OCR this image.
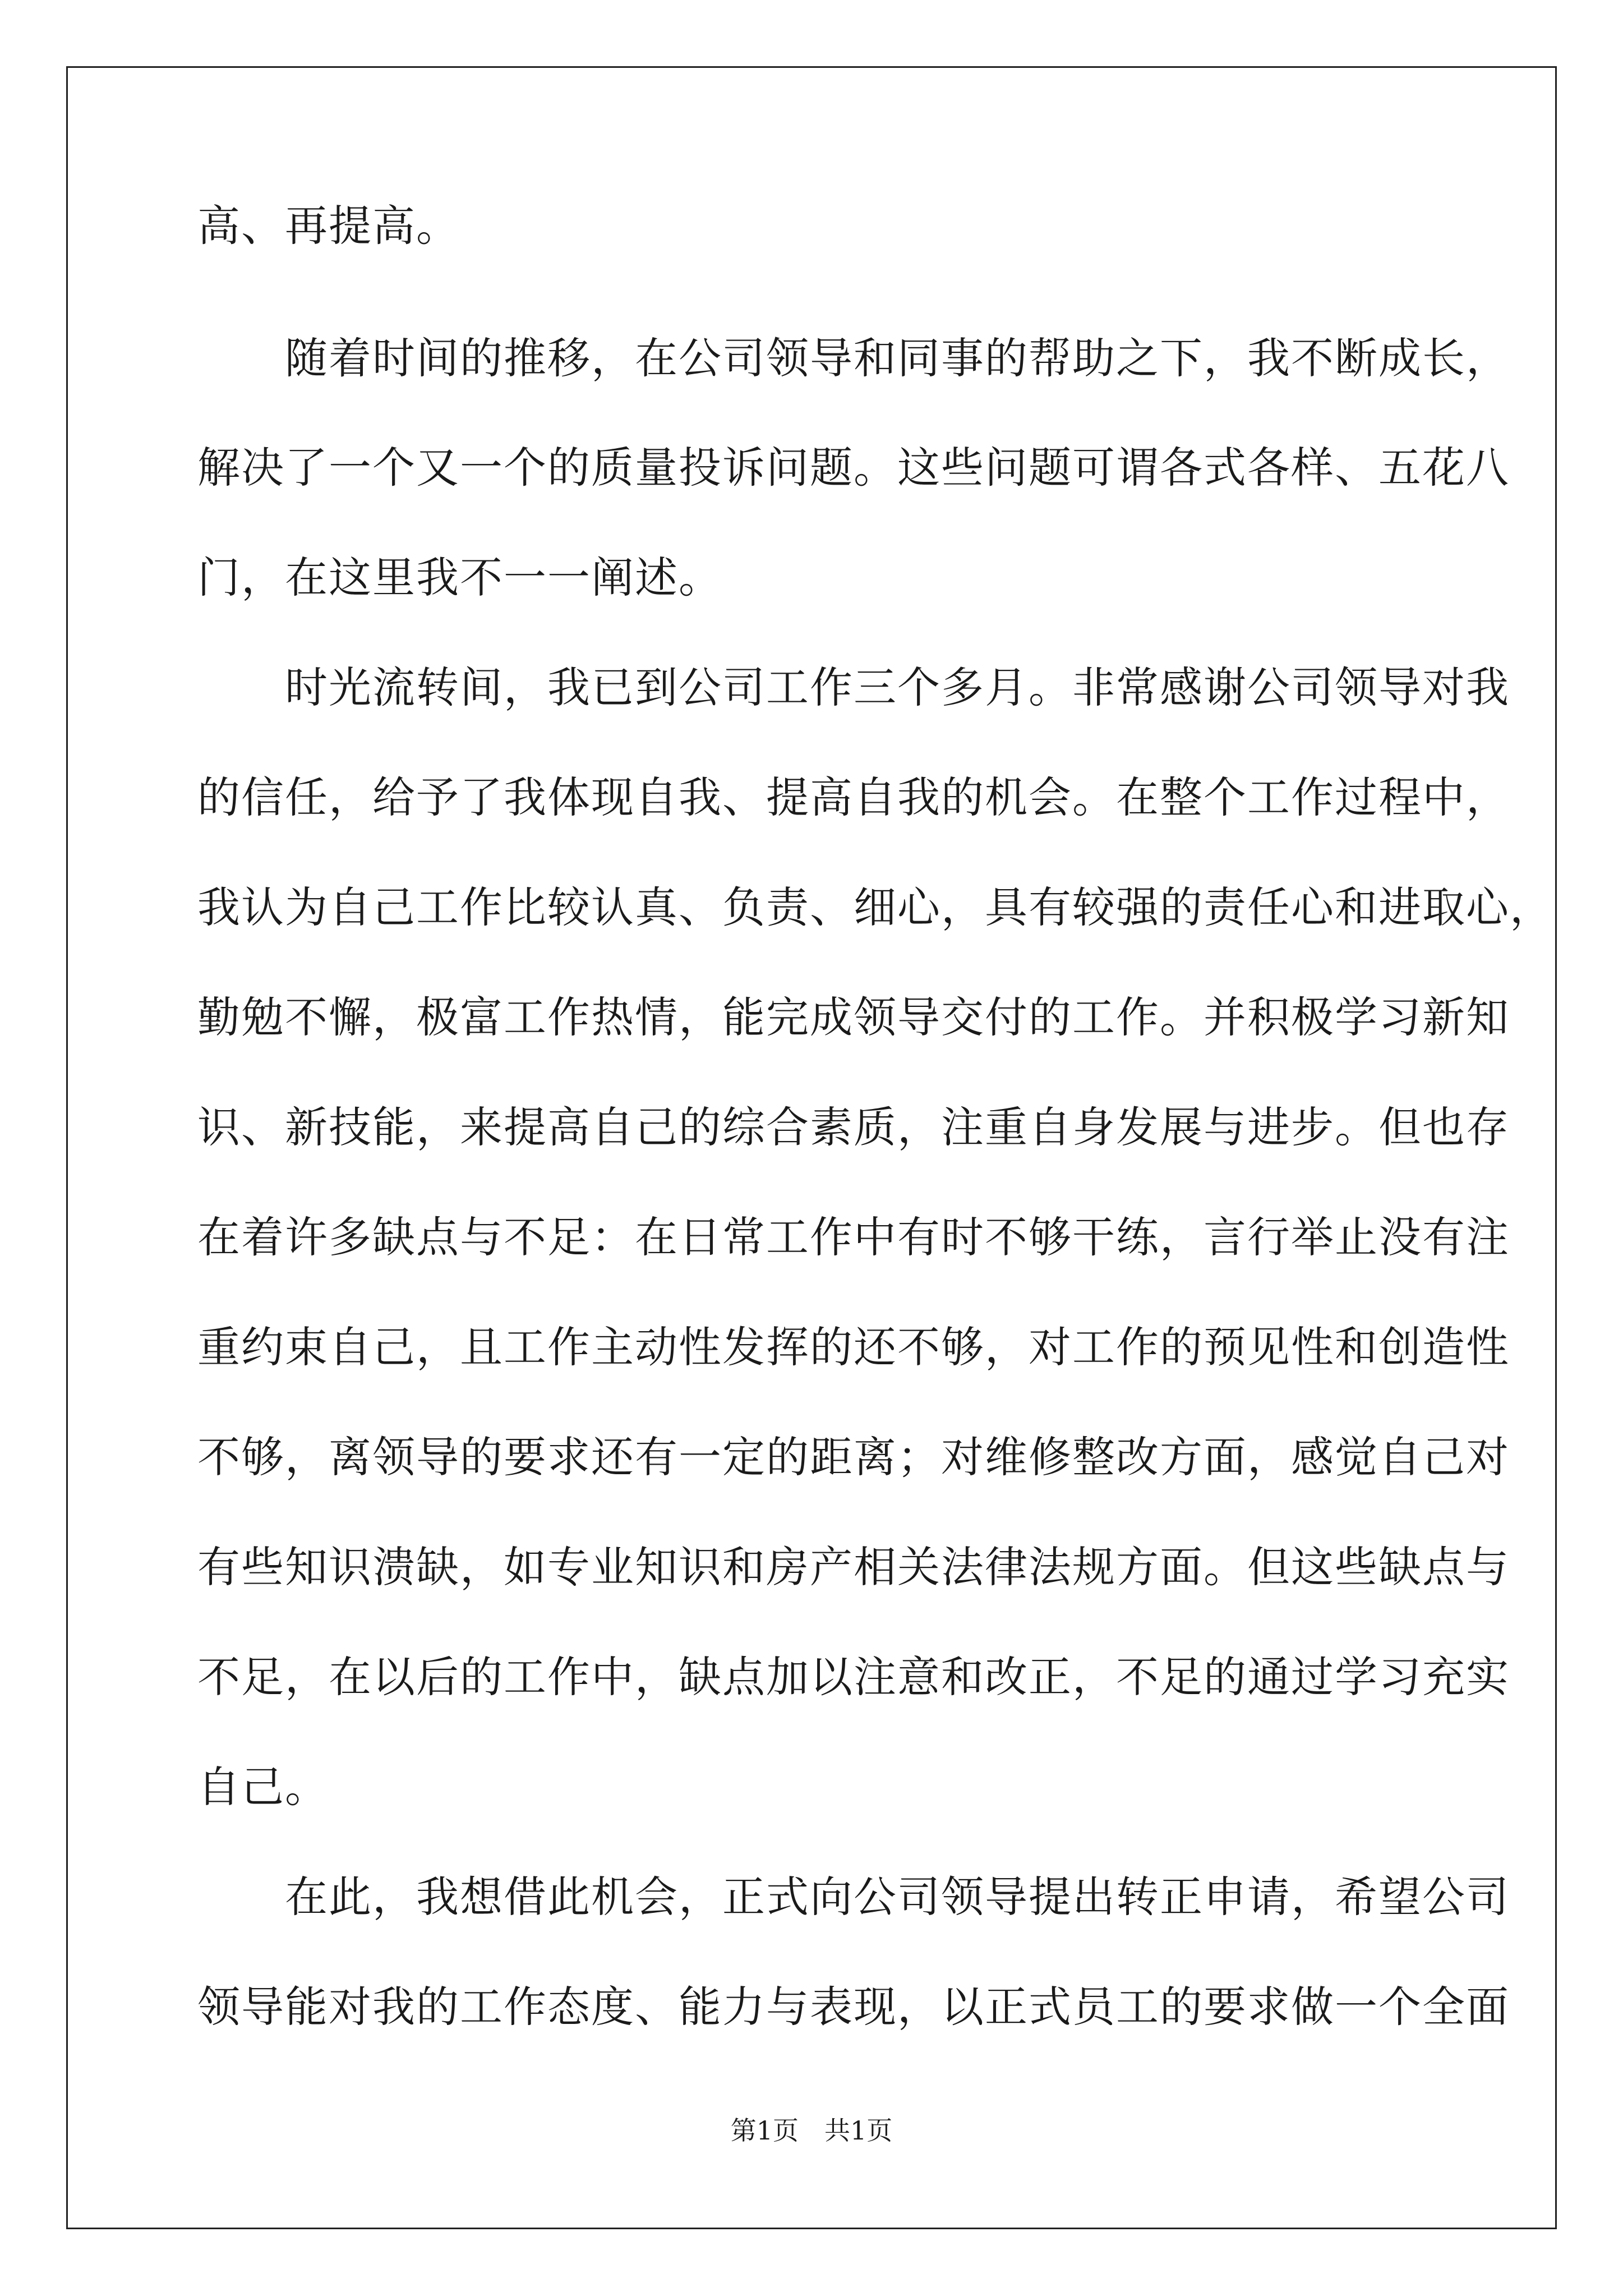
高、再提高。
　　随着时间的推移，在公司领导和同事的帮助之下，我不断成长，
解决了一个又一个的质量投诉问题。这些问题可谓各式各样、五花八
门，在这里我不一一阐述。
　　时光流转间，我已到公司工作三个多月。非常感谢公司领导对我
的信任，给予了我体现自我、提高自我的机会。在整个工作过程中，
我认为自己工作比较认真、负责、细心，具有较强的责任心和进取心，
勤勉不懈，极富工作热情，能完成领导交付的工作。并积极学习新知
识、新技能，来提高自己的综合素质，注重自身发展与进步。但也存
在着许多缺点与不足：在日常工作中有时不够干练，言行举止没有注
重约束自己，且工作主动性发挥的还不够，对工作的预见性和创造性
不够，离领导的要求还有一定的距离；对维修整改方面，感觉自己对
有些知识溃缺，如专业知识和房产相关法律法规方面。但这些缺点与
不足，在以后的工作中，缺点加以注意和改正，不足的通过学习充实
自己。
　　在此，我想借此机会，正式向公司领导提出转正申请，希望公司
领导能对我的工作态度、能力与表现，以正式员工的要求做一个全面
第1页　共1页
